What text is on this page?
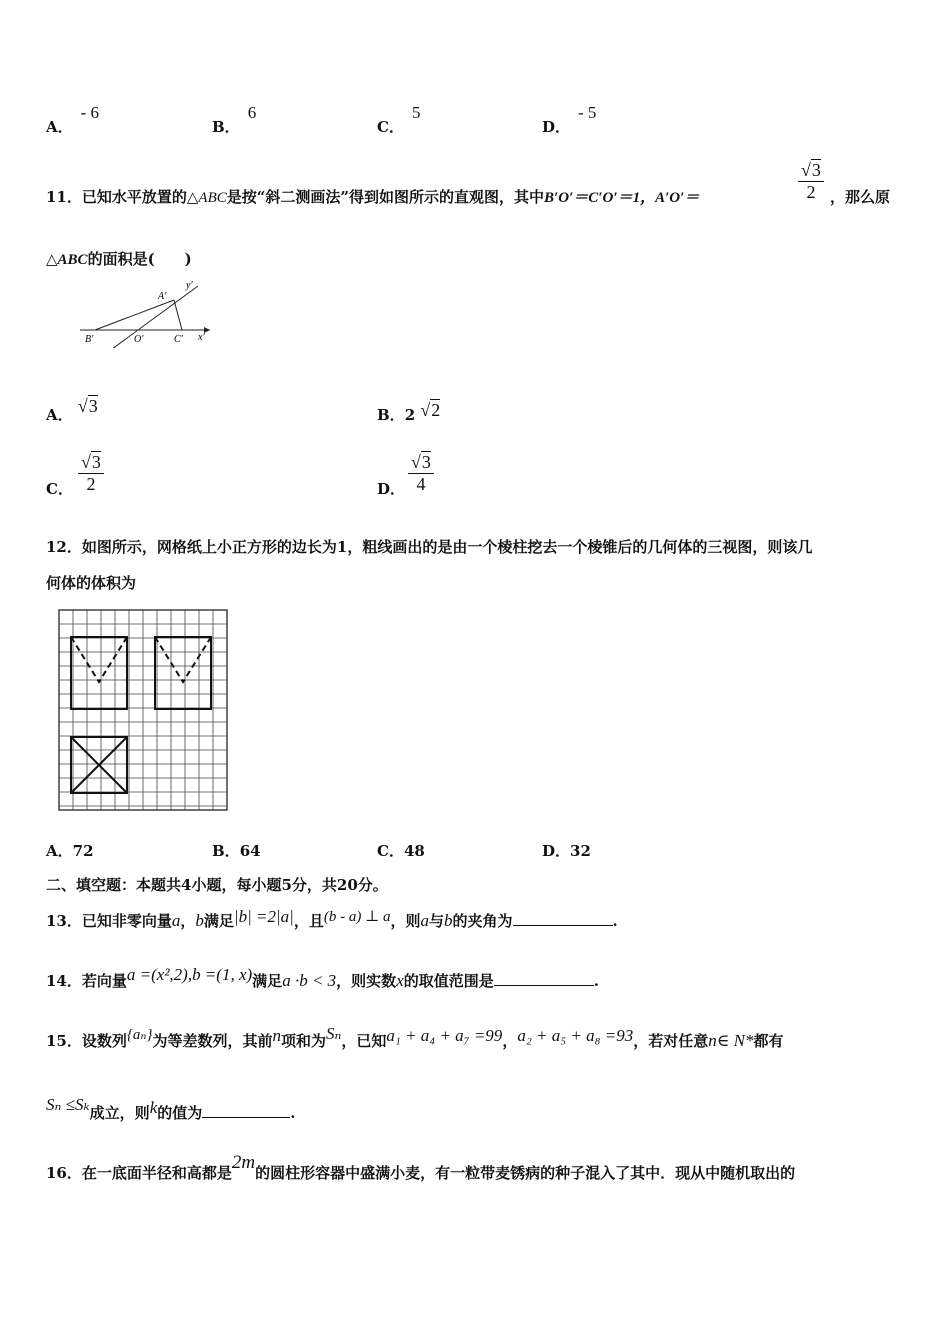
A．- 6
B．6
C．5
D．- 5
11．已知水平放置的△ABC是按“斜二测画法”得到如图所示的直观图，其中B′O′＝C′O′＝1，A′O′＝	$\frac{√3}{2}$ ，那么原
△ABC的面积是(　　)
A′
y′
B′	O′	C′ x′
A． √3	B．2 √2
C． $\frac{√3}{2}$	D． $\frac{√3}{4}$
12．如图所示，网格纸上小正方形的边长为1，粗线画出的是由一个棱柱挖去一个棱锥后的几何体的三视图，则该几
何体的体积为
A．72	B．64	C．48	D．32
二、填空题：本题共4小题，每小题5分，共20分。
13．已知非零向量a，b满足|b| =2|a|，且(b - a) ⊥ a，则a与b的夹角为	.
14．若向量a =(x²,2),b =(1, x)满足a ·b < 3，则实数x的取值范围是	.
15．设数列{aₙ}为等差数列，其前n项和为Sₙ，已知a₁ + a₄ + a₇ =99，a₂ + a₅ + a₈ =93，若对任意n∈ N*都有
Sₙ ≤Sₖ成立，则k的值为	.
16．在一底面半径和高都是2m的圆柱形容器中盛满小麦，有一粒带麦锈病的种子混入了其中．现从中随机取出的
